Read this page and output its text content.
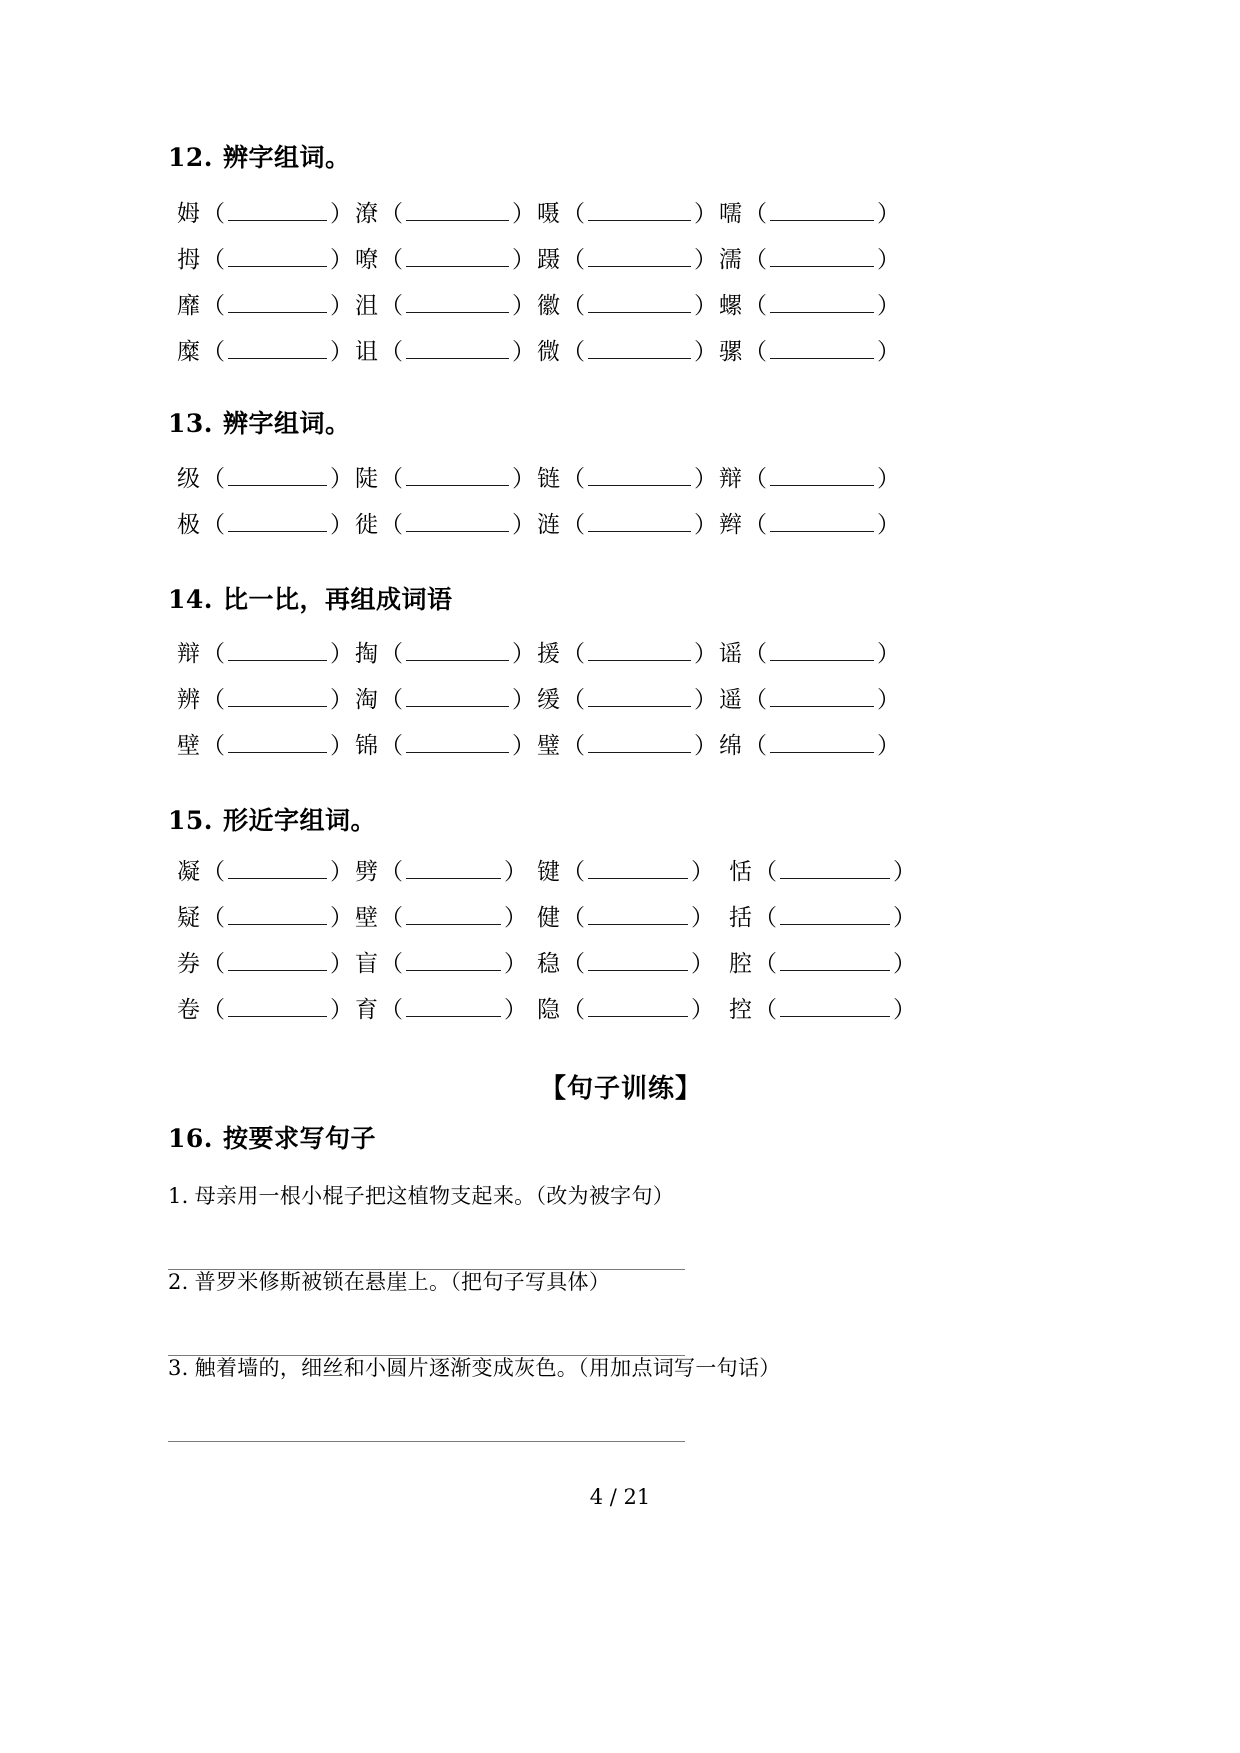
12. 辨字组词。
姆 （	） 潦 （	） 嗫 （	） 嚅 （	）
拇 （	） 嘹 （	） 蹑 （	） 濡 （	）
靡 （	） 沮 （	） 徽 （	） 螺 （	）
糜 （	） 诅 （	） 微 （	） 骡 （	）
13. 辨字组词。
级 （	） 陡 （	） 链 （	） 辩 （	）
极 （	） 徙 （	） 涟 （	） 辫 （	）
14. 比一比，再组成词语
辩 （	） 掏 （	） 援 （	） 谣 （	）
辨 （	） 淘 （	） 缓 （	） 遥 （	）
壁 （	） 锦 （	） 璧 （	） 绵 （	）
15. 形近字组词。
凝 （	） 劈 （	） 键 （	） 恬 （	）
疑 （	） 壁 （	） 健 （	） 括 （	）
券 （	） 盲 （	） 稳 （	） 腔 （	）
卷 （	） 育 （	） 隐 （	） 控 （	）
【句子训练】
16. 按要求写句子
1. 母亲用一根小棍子把这植物支起来。（改为被字句）
2. 普罗米修斯被锁在悬崖上。（把句子写具体）
3. 触着墙的，细丝和小圆片逐渐变成灰色。（用加点词写一句话）
4 / 21
